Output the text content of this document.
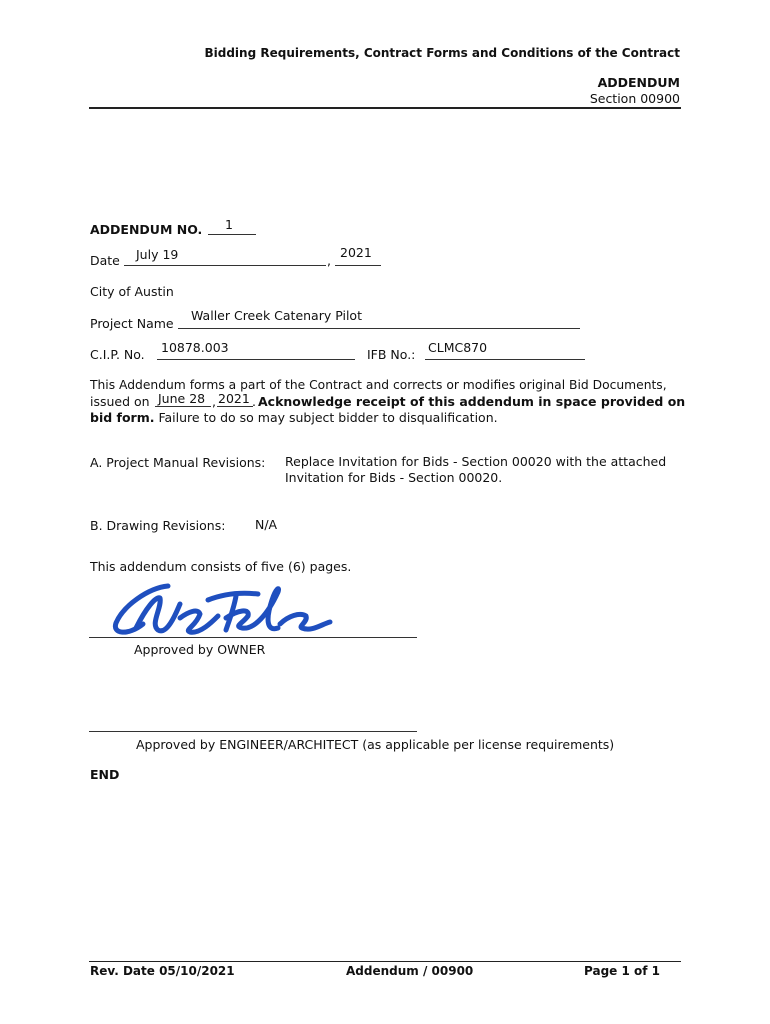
Bidding Requirements, Contract Forms and Conditions of the Contract
ADDENDUM
Section 00900
ADDENDUM NO. 1
Date July 19	,
2021
City of Austin
Project Name
Waller Creek Catenary Pilot
C.I.P. No. 10878.003	IFB No.: CLMC870
This Addendum forms a part of the Contract and corrects or modifies original Bid Documents,
issued on June 28 , 2021 . Acknowledge receipt of this addendum in space provided on
bid form. Failure to do so may subject bidder to disqualification.
A. Project Manual Revisions: Replace Invitation for Bids - Section 00020 with the attached
Invitation for Bids - Section 00020.
B. Drawing Revisions: N/A
This addendum consists of five (6) pages.
Approved by OWNER
Approved by ENGINEER/ARCHITECT (as applicable per license requirements)
END
Rev. Date 05/10/2021	Addendum / 00900	Page 1 of 1
